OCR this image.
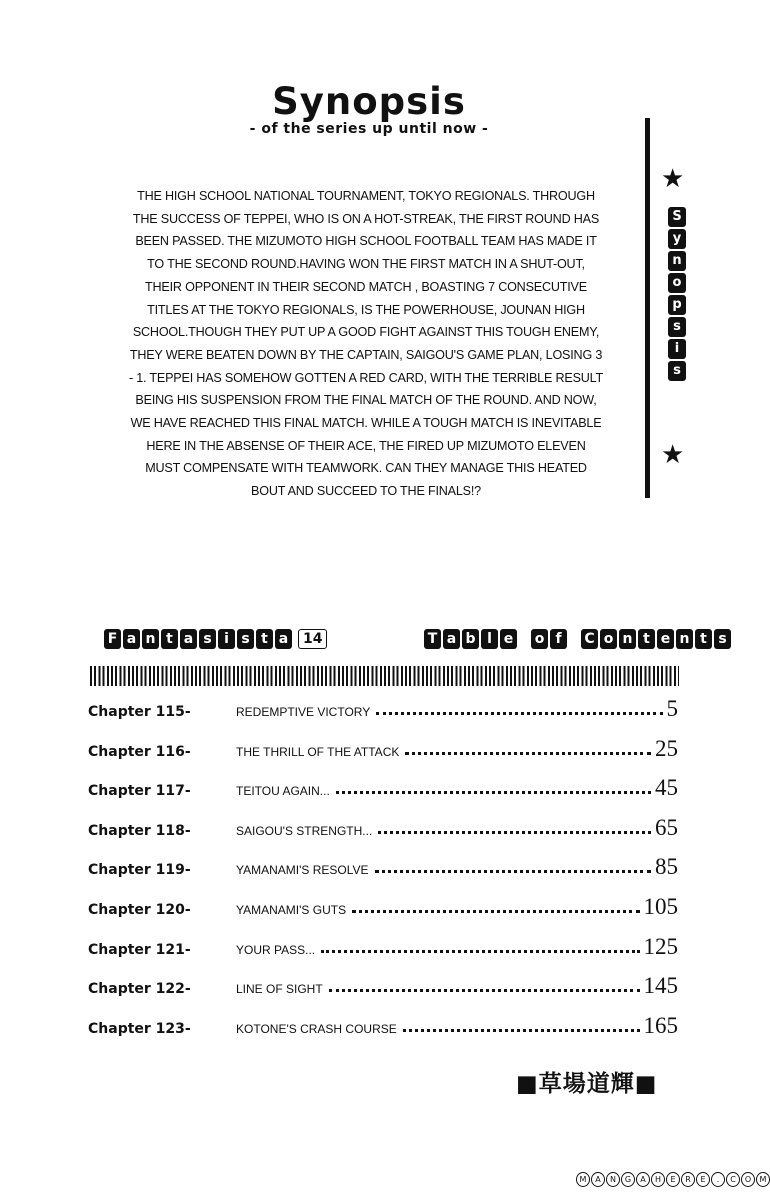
Synopsis
- of the series up until now -

THE HIGH SCHOOL NATIONAL TOURNAMENT, TOKYO REGIONALS. THROUGH THE SUCCESS OF TEPPEI, WHO IS ON A HOT-STREAK, THE FIRST ROUND HAS BEEN PASSED. THE MIZUMOTO HIGH SCHOOL FOOTBALL TEAM HAS MADE IT TO THE SECOND ROUND.HAVING WON THE FIRST MATCH IN A SHUT-OUT, THEIR OPPONENT IN THEIR SECOND MATCH , BOASTING 7 CONSECUTIVE TITLES AT THE TOKYO REGIONALS, IS THE POWERHOUSE, JOUNAN HIGH SCHOOL.THOUGH THEY PUT UP A GOOD FIGHT AGAINST THIS TOUGH ENEMY, THEY WERE BEATEN DOWN BY THE CAPTAIN, SAIGOU'S GAME PLAN, LOSING 3 - 1. TEPPEI HAS SOMEHOW GOTTEN A RED CARD, WITH THE TERRIBLE RESULT BEING HIS SUSPENSION FROM THE FINAL MATCH OF THE ROUND. AND NOW, WE HAVE REACHED THIS FINAL MATCH. WHILE A TOUGH MATCH IS INEVITABLE HERE IN THE ABSENSE OF THEIR ACE, THE FIRED UP MIZUMOTO ELEVEN MUST COMPENSATE WITH TEAMWORK. CAN THEY MANAGE THIS HEATED BOUT AND SUCCEED TO THE FINALS!?

★
S
y
n
o
p
s
i
s
★
F a n t a s i s t a	14	T a b l e o f	C o n t e n t s
Chapter 115-	REDEMPTIVE VICTORY	5
Chapter 116-	THE THRILL OF THE ATTACK	25
Chapter 117-	TEITOU AGAIN...	45
Chapter 118-	SAIGOU'S STRENGTH...	65
Chapter 119-	YAMANAMI'S RESOLVE	85
Chapter 120-	YAMANAMI'S GUTS	105
Chapter 121-	YOUR PASS...	125
Chapter 122-	LINE OF SIGHT	145
Chapter 123-	KOTONE'S CRASH COURSE	165
■草場道輝■
M	A	N	G	A	H	E	R	E	.	C	O	M
